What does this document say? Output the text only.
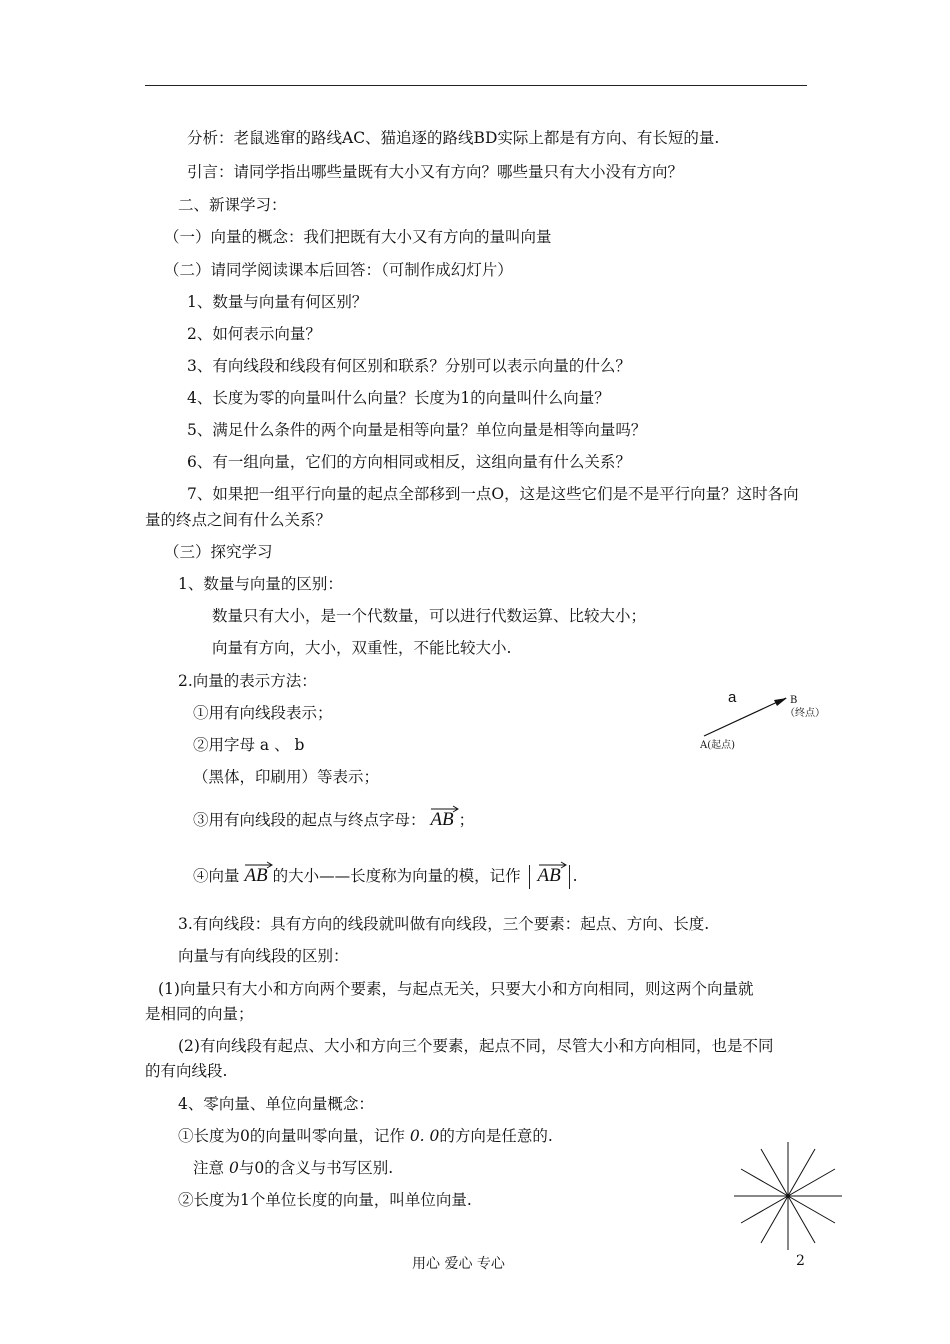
分析：老鼠逃窜的路线AC、猫追逐的路线BD实际上都是有方向、有长短的量.
引言：请同学指出哪些量既有大小又有方向？哪些量只有大小没有方向？
二、新课学习：
（一）向量的概念：我们把既有大小又有方向的量叫向量
（二）请同学阅读课本后回答：（可制作成幻灯片）
1、数量与向量有何区别？
2、如何表示向量？
3、有向线段和线段有何区别和联系？分别可以表示向量的什么？
4、长度为零的向量叫什么向量？长度为1的向量叫什么向量？
5、满足什么条件的两个向量是相等向量？单位向量是相等向量吗？
6、有一组向量，它们的方向相同或相反，这组向量有什么关系？
7、如果把一组平行向量的起点全部移到一点O，这是这些它们是不是平行向量？这时各向
量的终点之间有什么关系？
（三）探究学习
1、数量与向量的区别：
数量只有大小，是一个代数量，可以进行代数运算、比较大小；
向量有方向，大小，双重性，不能比较大小.
2.向量的表示方法：
①用有向线段表示；
②用字母 a 、 b
（黑体，印刷用）等表示；
③用有向线段的起点与终点字母： AB ；
④向量 AB 的大小——长度称为向量的模，记作 AB .
3.有向线段：具有方向的线段就叫做有向线段，三个要素：起点、方向、长度.
向量与有向线段的区别：
(1)向量只有大小和方向两个要素，与起点无关，只要大小和方向相同，则这两个向量就
是相同的向量；
(2)有向线段有起点、大小和方向三个要素，起点不同，尽管大小和方向相同，也是不同
的有向线段.
4、零向量、单位向量概念：
①长度为0的向量叫零向量，记作 0. 0的方向是任意的.
注意 0与0的含义与书写区别.
②长度为1个单位长度的向量，叫单位向量.
a	B
（终点）
A(起点)
用心 爱心 专心	2
